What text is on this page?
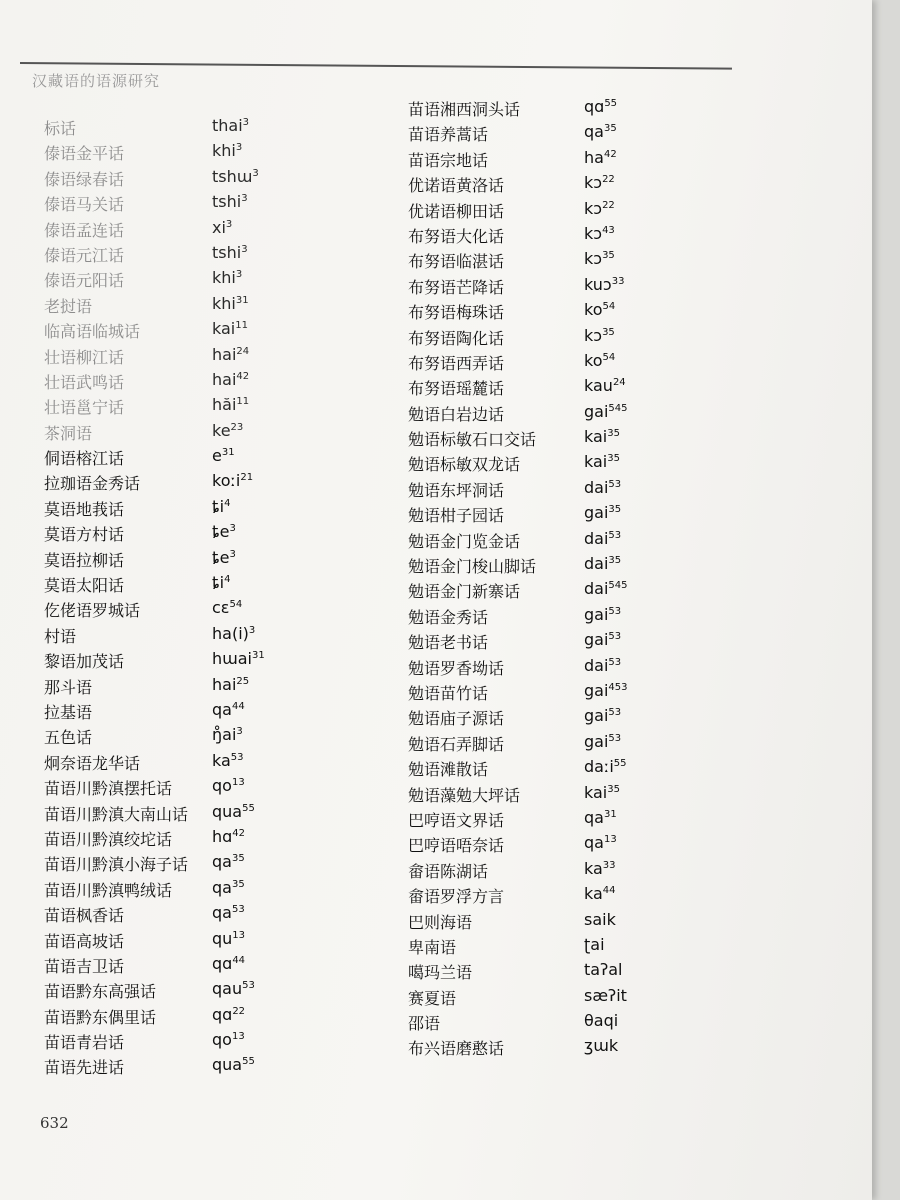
汉藏语的语源研究
标话	thai$^3$
傣语金平话	khi$^3$
傣语绿春话	tshɯ$^3$
傣语马关话	tshi$^3$
傣语孟连话	$xi^3$
傣语元江话	tshi$^3$
傣语元阳话	khi$^3$
老挝语	khi$^{31}$
临高语临城话	kai$^{11}$
壮语柳江话	hai$^{24}$
壮语武鸣话	hai$^{42}$
壮语邕宁话	hăi$^{11}$
茶洞语	$ke^{23}$
侗语榕江话	$e^{31}$
拉珈语金秀话	koːi$^{21}$
莫语地莪话	$ȶi^4$
莫语方村话	$ȶe^3$
莫语拉柳话	$ȶe^3$
莫语太阳话	$ȶi^4$
仡佬语罗城话	cɛ$^{54}$
村语	$ha(i)^3$
黎语加茂话	hɯai$^{31}$
那斗语	hai$^{25}$
拉基语	$qa^{44}$
五色话	$ŋ̊ai^3$
炯奈语龙华话	$ka^{53}$
苗语川黔滇摆托话 $qo^{13}$
苗语川黔滇大南山话 qua$^{55}$
苗语川黔滇绞坨话 hɑ$^{42}$
苗语川黔滇小海子话 $qa^{35}$
苗语川黔滇鸭绒话 $qa^{35}$
苗语枫香话	$qa^{53}$
苗语高坡话	$qu^{13}$
苗语吉卫话	qɑ$^{44}$
苗语黔东高强话	qau$^{53}$
苗语黔东偶里话	qɑ$^{22}$
苗语青岩话	$qo^{13}$
苗语先进话	qua$^{55}$
苗语湘西洞头话	qɑ$^{55}$
苗语养蒿话	$qa^{35}$
苗语宗地话	$ha^{42}$
优诺语黄洛话	kɔ$^{22}$
优诺语柳田话	kɔ$^{22}$
布努语大化话	kɔ$^{43}$
布努语临湛话	kɔ$^{35}$
布努语芒降话	kuɔ$^{33}$
布努语梅珠话	$ko^{54}$
布努语陶化话	kɔ$^{35}$
布努语西弄话	$ko^{54}$
布努语瑶麓话	kau$^{24}$
勉语白岩边话	gai$^{545}$
勉语标敏石口交话	kai$^{35}$
勉语标敏双龙话	kai$^{35}$
勉语东坪洞话	dai$^{53}$
勉语柑子园话	gai$^{35}$
勉语金门览金话	dai$^{53}$
勉语金门梭山脚话	dai$^{35}$
勉语金门新寨话	dai$^{545}$
勉语金秀话	gai$^{53}$
勉语老书话	gai$^{53}$
勉语罗香坳话	dai$^{53}$
勉语苗竹话	gai$^{453}$
勉语庙子源话	gai$^{53}$
勉语石弄脚话	gai$^{53}$
勉语滩散话	daːi$^{55}$
勉语藻勉大坪话	kai$^{35}$
巴哼语文界话	$qa^{31}$
巴哼语唔奈话	$qa^{13}$
畲语陈湖话	$ka^{33}$
畲语罗浮方言	$ka^{44}$
巴则海语	saik
卑南语	ʈai
噶玛兰语	taʔal
赛夏语	sæʔit
邵语	θaqi
布兴语磨憨话	ʒɯk
632
